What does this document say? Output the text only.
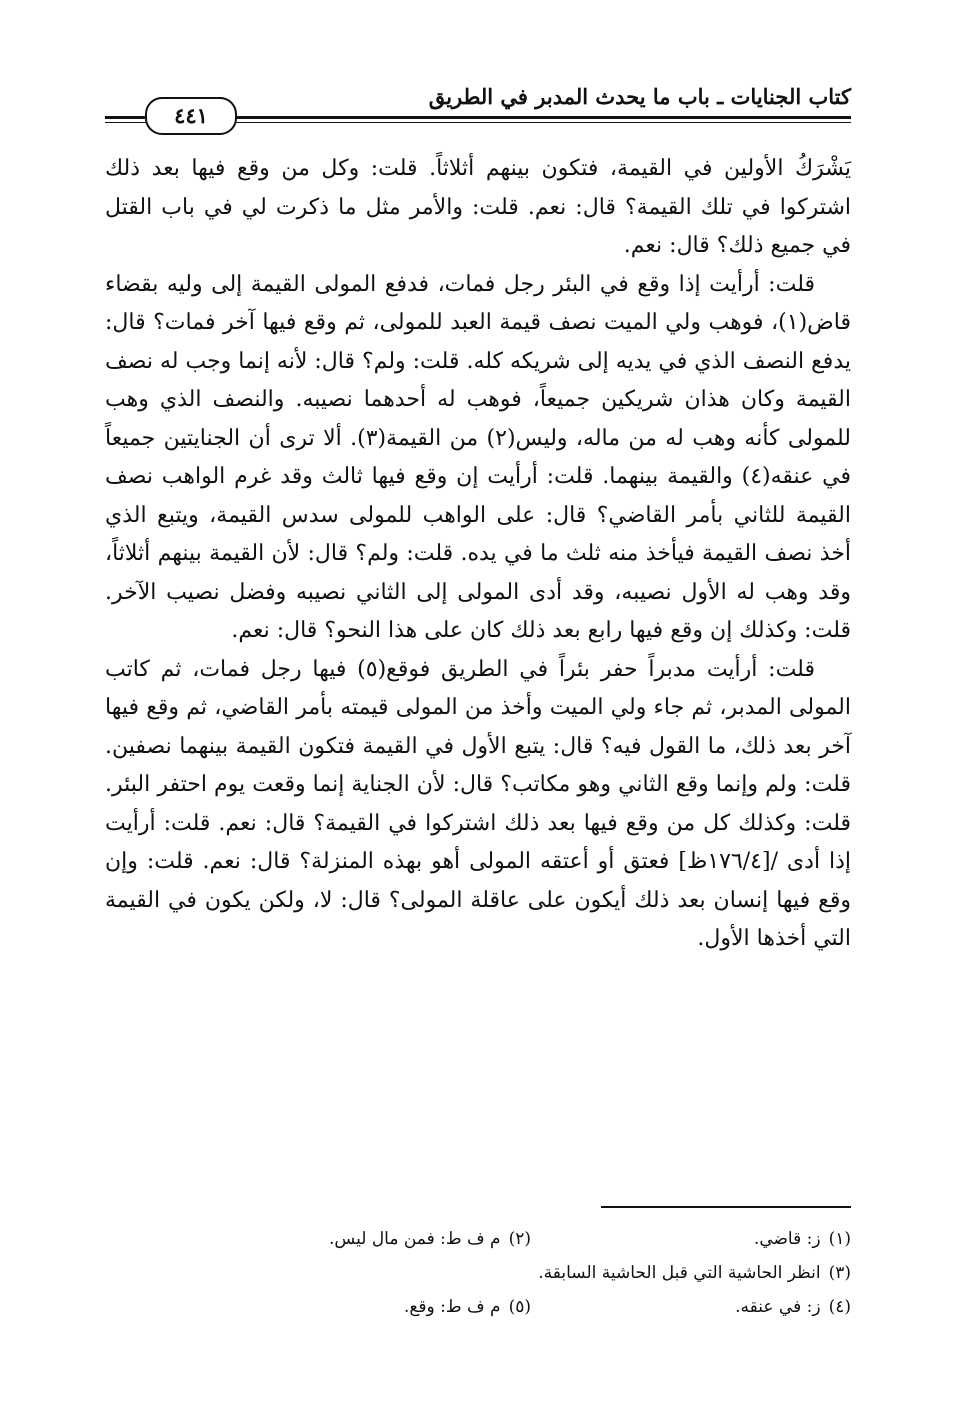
كتاب الجنايات ـ باب ما يحدث المدبر في الطريق
٤٤١

يَشْرَكُ الأولين في القيمة، فتكون بينهم أثلاثاً. قلت: وكل من وقع فيها بعد ذلك اشتركوا في تلك القيمة؟ قال: نعم. قلت: والأمر مثل ما ذكرت لي في باب القتل في جميع ذلك؟ قال: نعم.

قلت: أرأيت إذا وقع في البئر رجل فمات، فدفع المولى القيمة إلى وليه بقضاء قاض(١)، فوهب ولي الميت نصف قيمة العبد للمولى، ثم وقع فيها آخر فمات؟ قال: يدفع النصف الذي في يديه إلى شريكه كله. قلت: ولم؟ قال: لأنه إنما وجب له نصف القيمة وكان هذان شريكين جميعاً، فوهب له أحدهما نصيبه. والنصف الذي وهب للمولى كأنه وهب له من ماله، وليس(٢) من القيمة(٣). ألا ترى أن الجنايتين جميعاً في عنقه(٤) والقيمة بينهما. قلت: أرأيت إن وقع فيها ثالث وقد غرم الواهب نصف القيمة للثاني بأمر القاضي؟ قال: على الواهب للمولى سدس القيمة، ويتبع الذي أخذ نصف القيمة فيأخذ منه ثلث ما في يده. قلت: ولم؟ قال: لأن القيمة بينهم أثلاثاً، وقد وهب له الأول نصيبه، وقد أدى المولى إلى الثاني نصيبه وفضل نصيب الآخر. قلت: وكذلك إن وقع فيها رابع بعد ذلك كان على هذا النحو؟ قال: نعم.

قلت: أرأيت مدبراً حفر بئراً في الطريق فوقع(٥) فيها رجل فمات، ثم كاتب المولى المدبر، ثم جاء ولي الميت وأخذ من المولى قيمته بأمر القاضي، ثم وقع فيها آخر بعد ذلك، ما القول فيه؟ قال: يتبع الأول في القيمة فتكون القيمة بينهما نصفين. قلت: ولم وإنما وقع الثاني وهو مكاتب؟ قال: لأن الجناية إنما وقعت يوم احتفر البئر. قلت: وكذلك كل من وقع فيها بعد ذلك اشتركوا في القيمة؟ قال: نعم. قلت: أرأيت إذا أدى /[١٧٦/٤ظ] فعتق أو أعتقه المولى أهو بهذه المنزلة؟ قال: نعم. قلت: وإن وقع فيها إنسان بعد ذلك أيكون على عاقلة المولى؟ قال: لا، ولكن يكون في القيمة التي أخذها الأول.

(١)ز: قاضي.
(٢)م ف ط: فمن مال ليس.
(٣)انظر الحاشية التي قبل الحاشية السابقة.
(٤)ز: في عنقه.
(٥)م ف ط: وقع.
